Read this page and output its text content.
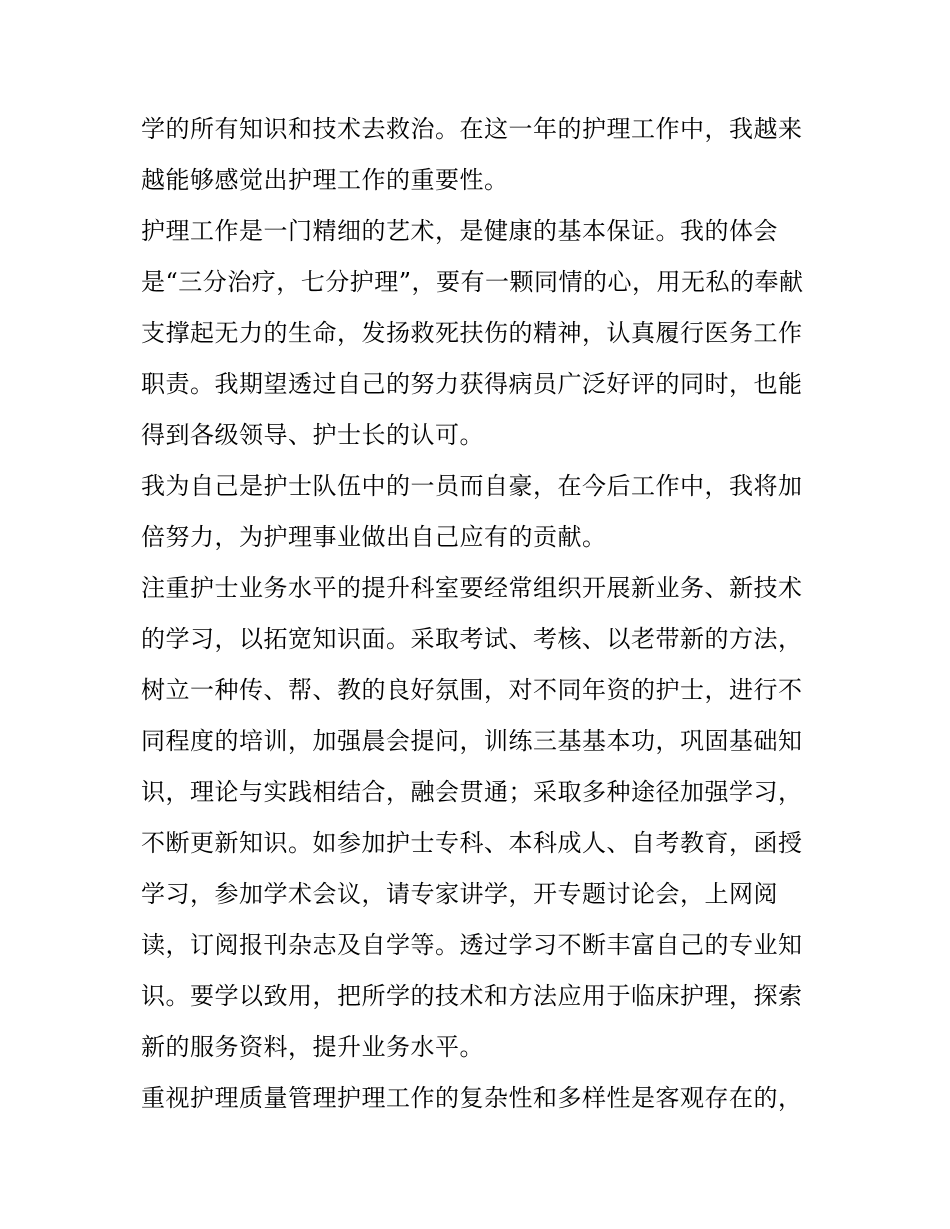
学的所有知识和技术去救治。在这一年的护理工作中，我越来
越能够感觉出护理工作的重要性。
护理工作是一门精细的艺术，是健康的基本保证。我的体会
是“三分治疗，七分护理”，要有一颗同情的心，用无私的奉献
支撑起无力的生命，发扬救死扶伤的精神，认真履行医务工作
职责。我期望透过自己的努力获得病员广泛好评的同时，也能
得到各级领导、护士长的认可。
我为自己是护士队伍中的一员而自豪，在今后工作中，我将加
倍努力，为护理事业做出自己应有的贡献。
注重护士业务水平的提升科室要经常组织开展新业务、新技术
的学习，以拓宽知识面。采取考试、考核、以老带新的方法，
树立一种传、帮、教的良好氛围，对不同年资的护士，进行不
同程度的培训，加强晨会提问，训练三基基本功，巩固基础知
识，理论与实践相结合，融会贯通；采取多种途径加强学习，
不断更新知识。如参加护士专科、本科成人、自考教育，函授
学习，参加学术会议，请专家讲学，开专题讨论会，上网阅
读，订阅报刊杂志及自学等。透过学习不断丰富自己的专业知
识。要学以致用，把所学的技术和方法应用于临床护理，探索
新的服务资料，提升业务水平。
重视护理质量管理护理工作的复杂性和多样性是客观存在的，
